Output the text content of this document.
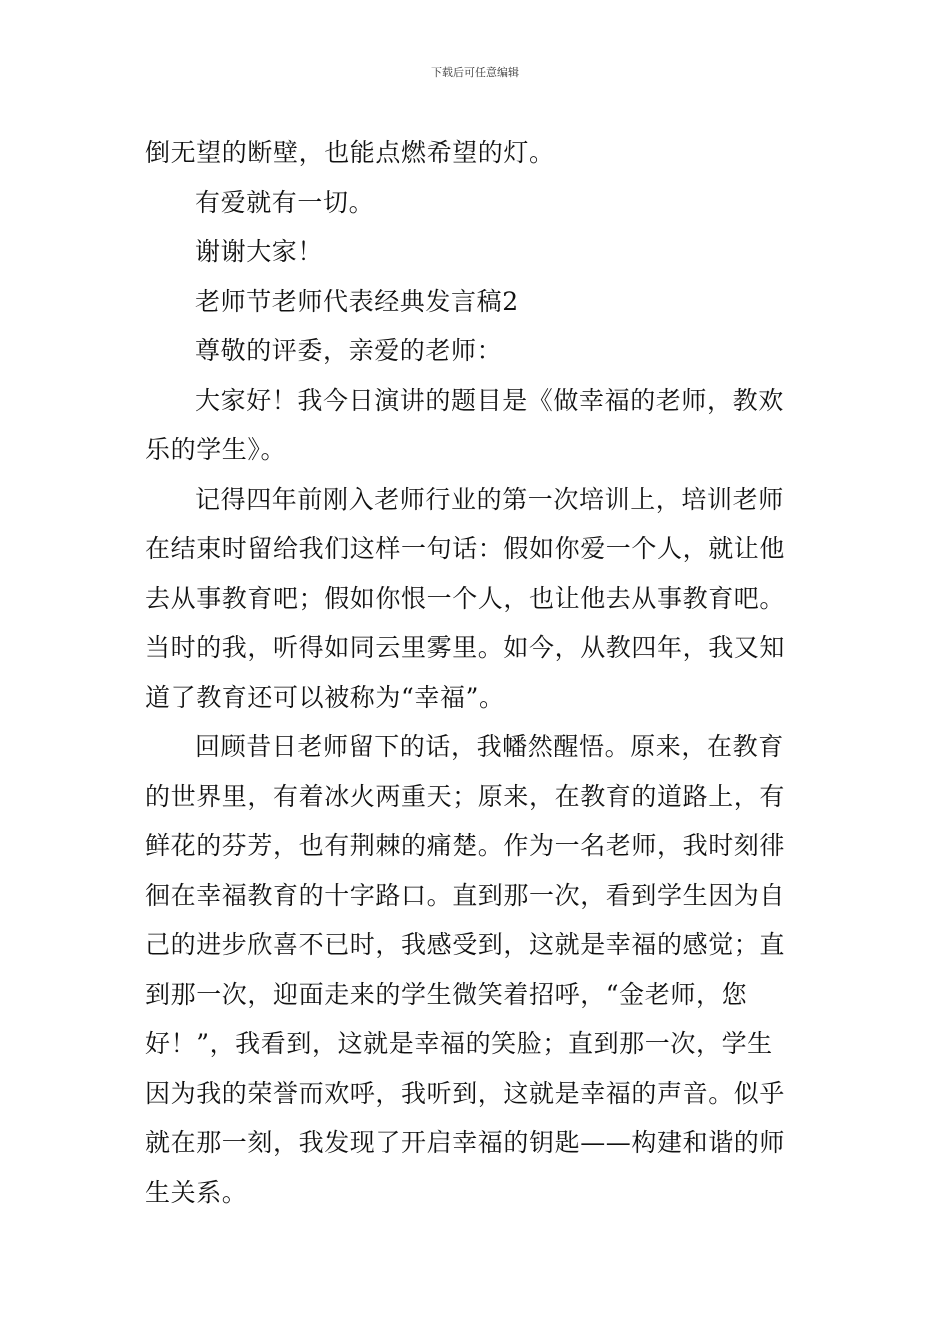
下载后可任意编辑
倒无望的断壁，也能点燃希望的灯。
有爱就有一切。
谢谢大家！
老师节老师代表经典发言稿2
尊敬的评委，亲爱的老师：
大家好！我今日演讲的题目是《做幸福的老师，教欢
乐的学生》。
记得四年前刚入老师行业的第一次培训上，培训老师
在结束时留给我们这样一句话：假如你爱一个人，就让他
去从事教育吧；假如你恨一个人，也让他去从事教育吧。
当时的我，听得如同云里雾里。如今，从教四年，我又知
道了教育还可以被称为“幸福”。
回顾昔日老师留下的话，我幡然醒悟。原来，在教育
的世界里，有着冰火两重天；原来，在教育的道路上，有
鲜花的芬芳，也有荆棘的痛楚。作为一名老师，我时刻徘
徊在幸福教育的十字路口。直到那一次，看到学生因为自
己的进步欣喜不已时，我感受到，这就是幸福的感觉；直
到那一次，迎面走来的学生微笑着招呼，“金老师，您
好！”，我看到，这就是幸福的笑脸；直到那一次，学生
因为我的荣誉而欢呼，我听到，这就是幸福的声音。似乎
就在那一刻，我发现了开启幸福的钥匙——构建和谐的师
生关系。
